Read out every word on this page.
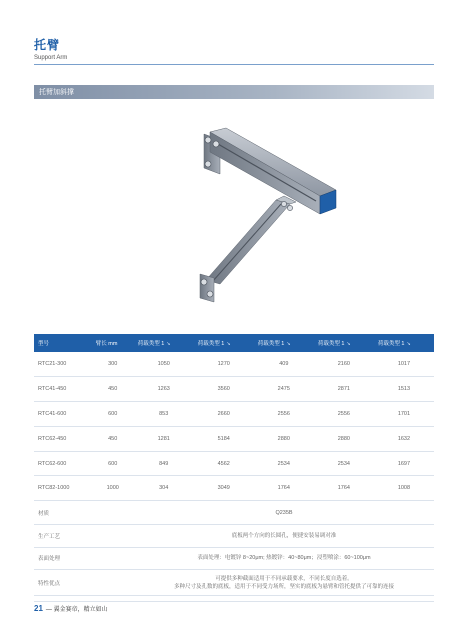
托臂
Support Arm
托臂加斜撑
型号	臂长 mm	荷载类型 1 ↘	荷载类型 1 ↘	荷载类型 1 ↘	荷载类型 1 ↘	荷载类型 1 ↘
RTC21-300	300	1050	1270	409	2160	1017
RTC41-450	450	1263	3560	2475	2871	1513
RTC41-600	600	853	2660	2556	2556	1701
RTC62-450	450	1281	5184	2880	2880	1632
RTC62-600	600	849	4562	2534	2534	1697
RTC82-1000	1000	304	3049	1764	1764	1008
材质	Q235B
生产工艺	底板两个方向的长圆孔，便捷安装易调对准
表面处理	表面处理：电镀锌 8~20μm; 热镀锌：40~80μm；浸塑喷涂：60~100μm
特性优点	可提供多种截面适用于不同承载要求，不同长度自选着。
多种尺寸及孔数的底板，适用于不同受力场所，坚实的底板为悬臂和管托提供了可靠的连接
21 — 翼金赛帝，精立如山
